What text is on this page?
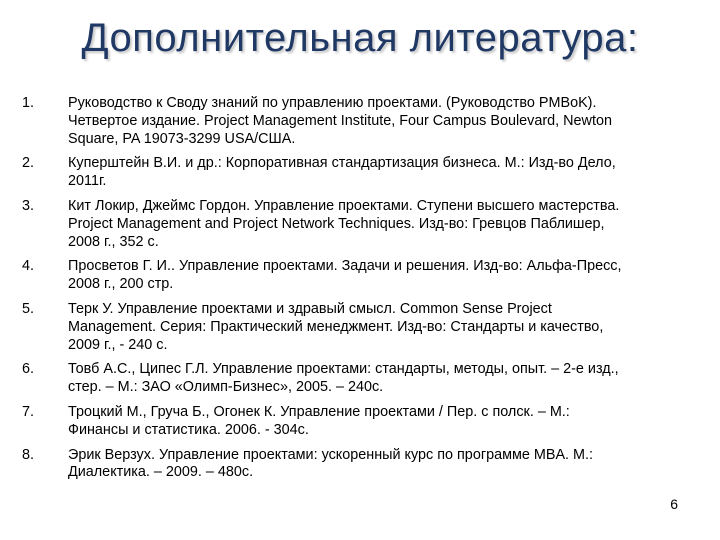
Дополнительная литература:
1.	Руководство к Своду знаний по управлению проектами. (Руководство PMBoK).
Четвертое издание. Project Management Institute, Four Campus Boulevard, Newton
Square, PA 19073-3299 USA/США.
2.	Куперштейн В.И. и др.: Корпоративная стандартизация бизнеса. М.: Изд-во Дело,
2011г.
3.	Кит Локир, Джеймс Гордон. Управление проектами. Ступени высшего мастерства.
Project Management and Project Network Techniques. Изд-во: Гревцов Паблишер,
2008 г., 352 с.
4.	Просветов Г. И.. Управление проектами. Задачи и решения. Изд-во: Альфа-Пресс,
2008 г., 200 стр.
5.	Терк У. Управление проектами и здравый смысл. Common Sense Project
Management. Серия: Практический менеджмент. Изд-во: Стандарты и качество,
2009 г., ‑ 240 с.
6.	Товб А.С., Ципес Г.Л. Управление проектами: стандарты, методы, опыт. – 2-е изд.,
стер. – М.: ЗАО «Олимп-Бизнес», 2005. – 240с.
7.	Троцкий М., Груча Б., Огонек К. Управление проектами / Пер. с полск. – М.:
Финансы и статистика. 2006. ‑ 304с.
8.	Эрик Верзух. Управление проектами: ускоренный курс по программе MBA. М.:
Диалектика. – 2009. – 480с.
6
